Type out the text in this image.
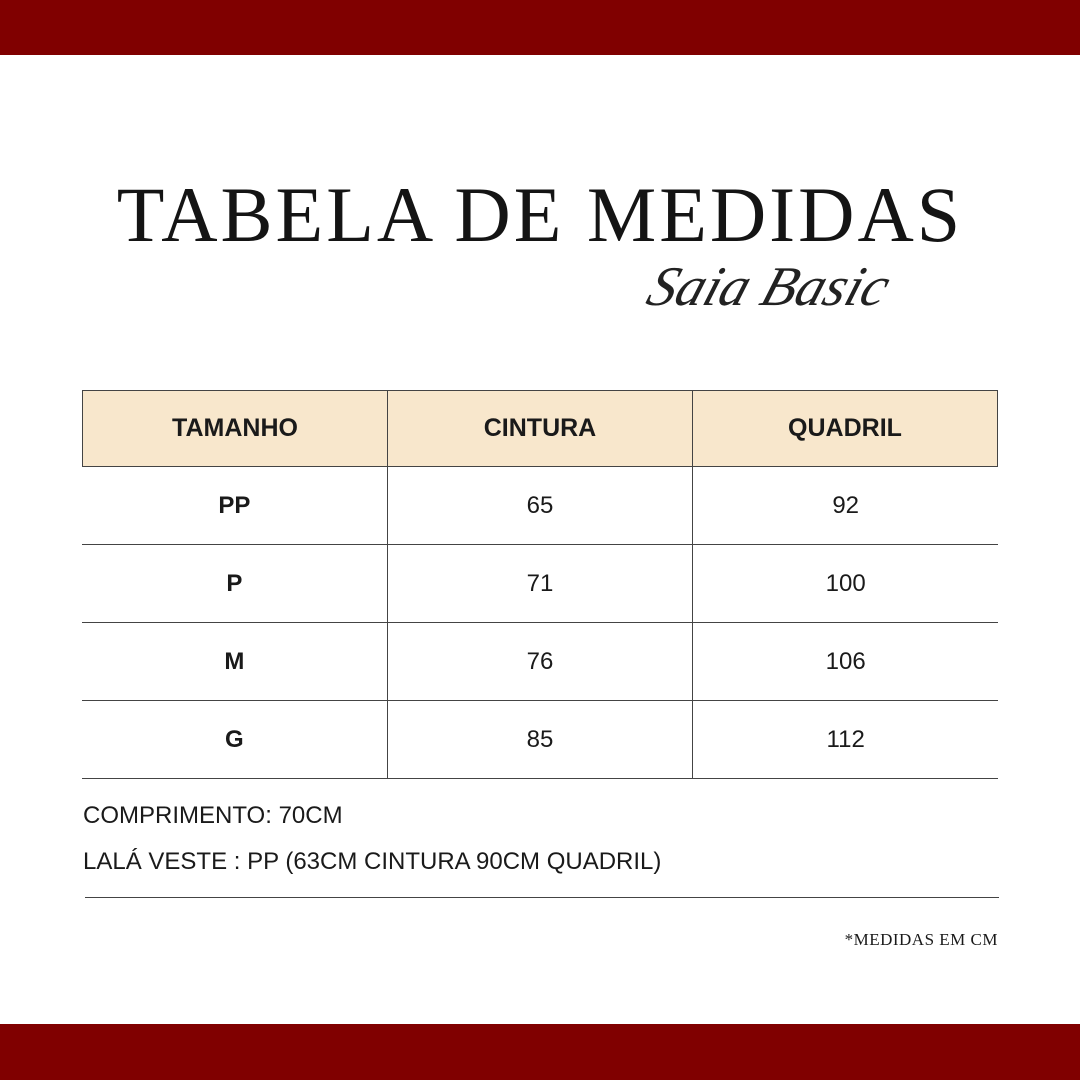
TABELA DE MEDIDAS
Saia Basic
TAMANHO	CINTURA	QUADRIL
PP	65	92
P	71	100
M	76	106
G	85	112
COMPRIMENTO: 70CM
LALÁ VESTE : PP (63CM CINTURA 90CM QUADRIL)
*MEDIDAS EM CM
